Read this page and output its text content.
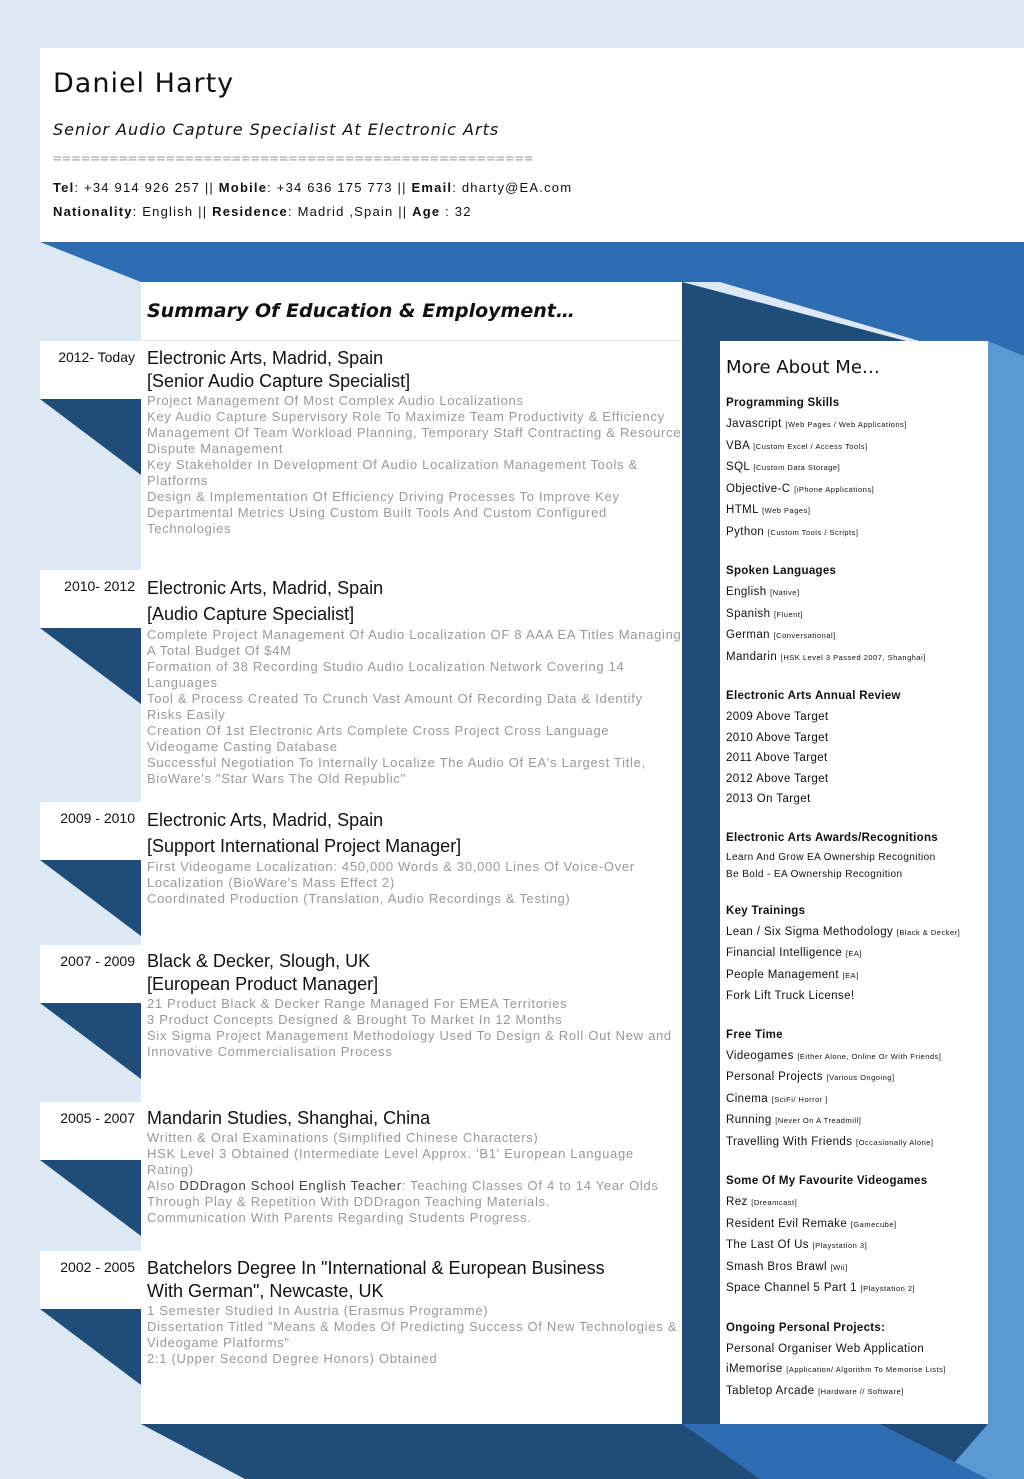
Daniel Harty
Senior Audio Capture Specialist At Electronic Arts
===================================================
Tel: +34 914 926 257 || Mobile: +34 636 175 773 || Email: dharty@EA.com
Nationality: English || Residence: Madrid ,Spain || Age : 32
Summary Of Education & Employment…
2012- Today
2010- 2012
2009 - 2010
2007 - 2009
2005 - 2007
2002 - 2005
Electronic Arts, Madrid, Spain
[Senior Audio Capture Specialist]
Project Management Of Most Complex Audio Localizations
Key Audio Capture Supervisory Role To Maximize Team Productivity & Efficiency
Management Of Team Workload Planning, Temporary Staff Contracting & Resource Dispute Management
Key Stakeholder In Development Of Audio Localization Management Tools & Platforms
Design & Implementation Of Efficiency Driving Processes To Improve Key Departmental Metrics Using Custom Built Tools And Custom Configured Technologies
Electronic Arts, Madrid, Spain
[Audio Capture Specialist]
Complete Project Management Of Audio Localization OF 8 AAA EA Titles Managing A Total Budget Of $4M
Formation of 38 Recording Studio Audio Localization Network Covering 14 Languages
Tool & Process Created To Crunch Vast Amount Of Recording Data & Identify Risks Easily
Creation Of 1st Electronic Arts Complete Cross Project Cross Language Videogame Casting Database
Successful Negotiation To Internally Localize The Audio Of EA's Largest Title, BioWare's "Star Wars The Old Republic"
Electronic Arts, Madrid, Spain
[Support International Project Manager]
First Videogame Localization: 450,000 Words & 30,000 Lines Of Voice-Over Localization (BioWare's Mass Effect 2)
Coordinated Production (Translation, Audio Recordings & Testing)
Black & Decker, Slough, UK
[European Product Manager]
21 Product Black & Decker Range Managed For EMEA Territories
3 Product Concepts Designed & Brought To Market In 12 Months
Six Sigma Project Management Methodology Used To Design & Roll Out New and Innovative Commercialisation Process
Mandarin Studies, Shanghai, China
Written & Oral Examinations (Simplified Chinese Characters)
HSK Level 3 Obtained (Intermediate Level Approx. 'B1' European Language Rating)
Also DDDragon School English Teacher: Teaching Classes Of 4 to 14 Year Olds Through Play & Repetition With DDDragon Teaching Materials.
Communication With Parents Regarding Students Progress.
Batchelors Degree In "International & European Business With German", Newcaste, UK
1 Semester Studied In Austria (Erasmus Programme)
Dissertation Titled "Means & Modes Of Predicting Success Of New Technologies & Videogame Platforms"
2:1 (Upper Second Degree Honors) Obtained
More About Me…
Programming Skills
Javascript [Web Pages / Web Applications]
VBA [Custom Excel / Access Tools]
SQL [Custom Data Storage]
Objective-C [iPhone Applications]
HTML [Web Pages]
Python [Custom Tools / Scripts]
Spoken Languages
English [Native]
Spanish [Fluent]
German [Conversational]
Mandarin [HSK Level 3 Passed 2007, Shanghai]
Electronic Arts Annual Review
2009 Above Target
2010 Above Target
2011 Above Target
2012 Above Target
2013 On Target
Electronic Arts Awards/Recognitions
Learn And Grow EA Ownership Recognition
Be Bold - EA Ownership Recognition
Key Trainings
Lean / Six Sigma Methodology [Black & Decker]
Financial Intelligence [EA]
People Management [EA]
Fork Lift Truck License!
Free Time
Videogames [Either Alone, Online Or With Friends]
Personal Projects [Various Ongoing]
Cinema [SciFi/ Horror ]
Running [Never On A Treadmill]
Travelling With Friends [Occasionally Alone]
Some Of My Favourite Videogames
Rez [Dreamcast]
Resident Evil Remake [Gamecube]
The Last Of Us [Playstation 3]
Smash Bros Brawl [Wii]
Space Channel 5 Part 1 [Playstation 2]
Ongoing Personal Projects:
Personal Organiser Web Application
iMemorise [Application/ Algorithm To Memorise Lists]
Tabletop Arcade [Hardware // Software]
